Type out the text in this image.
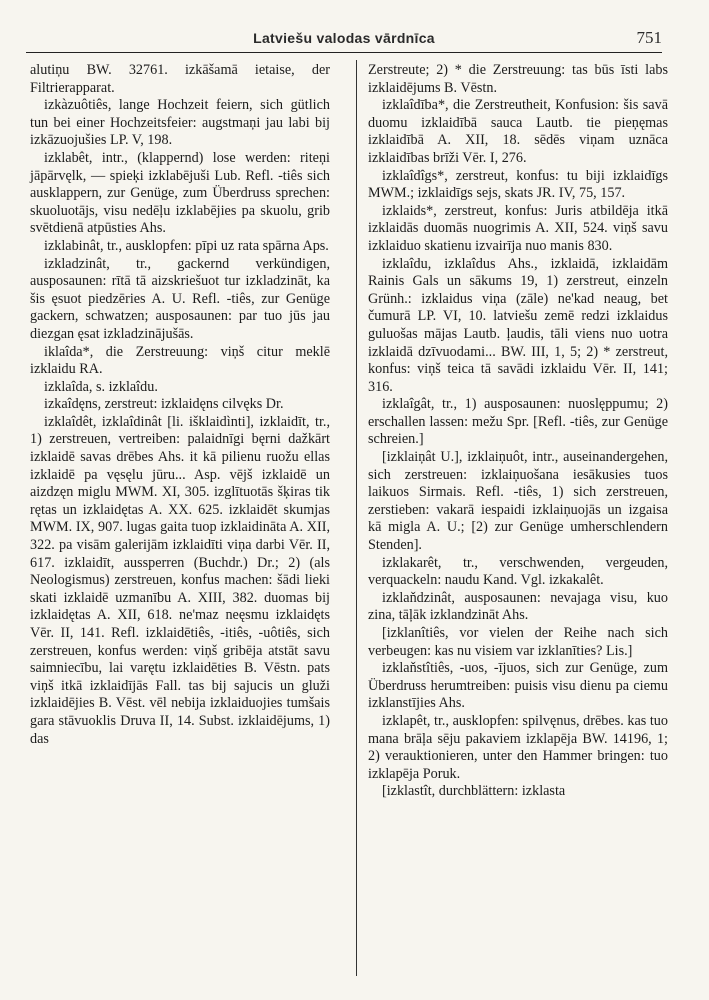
Latviešu valodas vārdnīca	751

alutiņu BW. 32761. izkāšamā ietaise, der Filtrierapparat.

izkàzuôtiês, lange Hochzeit feiern, sich gütlich tun bei einer Hochzeitsfeier: augstmaņi jau labi bij izkāzuojušies LP. V, 198.

izklabêt, intr., (klappernd) lose werden: riteņi jāpārvęlk, — spieķi izklabējuši Lub. Refl. -tiês sich ausklappern, zur Genüge, zum Überdruss sprechen: skuoluotājs, visu nedēļu izklabējies pa skuolu, grib svētdienā atpūsties Ahs.

izklabinât, tr., ausklopfen: pīpi uz rata spārna Aps.

izkladzinât, tr., gackernd verkündigen, ausposaunen: rītā tā aizskriešuot tur izkladzināt, ka šis ęsuot piedzēries A. U. Refl. -tiês, zur Genüge gackern, schwatzen; ausposaunen: par tuo jūs jau diezgan ęsat izkladzinājušās.

iklaîda*, die Zerstreuung: viņš citur meklē izklaidu RA.

izklaîda, s. izklaîdu.

izkaîdęns, zerstreut: izklaidęns cilvęks Dr.

izklaîdêt, izklaîdinât [li. išklaidìnti], izklaidīt, tr., 1) zerstreuen, vertreiben: palaidnīgi bęrni dažkārt izklaidē savas drēbes Ahs. it kā pilienu ruožu ellas izklaidē pa vęsęlu jūru... Asp. vējš izklaidē un aizdzęn miglu MWM. XI, 305. izglītuotās šķiras tik rętas un izklaidętas A. XX. 625. izklaidēt skumjas MWM. IX, 907. lugas gaita tuop izklaidināta A. XII, 322. pa visām galerijām izklaidīti viņa darbi Vēr. II, 617. izklaidīt, aussperren (Buchdr.) Dr.; 2) (als Neologismus) zerstreuen, konfus machen: šādi lieki skati izklaidē uzmanību A. XIII, 382. duomas bij izklaidętas A. XII, 618. ne'maz neęsmu izklaidęts Vēr. II, 141. Refl. izklaidētiês, -itiês, -uôtiês, sich zerstreuen, konfus werden: viņš gribēja atstāt savu saimniecību, lai varętu izklaidēties B. Vēstn. pats viņš itkā izklaidījās Fall. tas bij sajucis un gluži izklaidējies B. Vēst. vēl nebija izklaiduojies tumšais gara stāvuoklis Druva II, 14. Subst. izklaidējums, 1) das

Zerstreute; 2) * die Zerstreuung: tas būs īsti labs izklaidējums B. Vēstn.

izklaîdība*, die Zerstreutheit, Konfusion: šis savā duomu izklaidībā sauca Lautb. tie pieņęmas izklaidībā A. XII, 18. sēdēs viņam uznāca izklaidības brīži Vēr. I, 276.

izklaîdîgs*, zerstreut, konfus: tu biji izklaidīgs MWM.; izklaidīgs sejs, skats JR. IV, 75, 157.

izklaids*, zerstreut, konfus: Juris atbildēja itkā izklaidās duomās nuogrimis A. XII, 524. viņš savu izklaiduo skatienu izvairīja nuo manis 830.

izklaîdu, izklaîdus Ahs., izklaidā, izklaidām Rainis Gals un sākums 19, 1) zerstreut, einzeln Grünh.: izklaidus viņa (zāle) ne'kad neaug, bet čumurā LP. VI, 10. latviešu zemē redzi izklaidus guluošas mājas Lautb. ļaudis, tāli viens nuo uotra izklaidā dzīvuodami... BW. III, 1, 5; 2) * zerstreut, konfus: viņš teica tā savādi izklaidu Vēr. II, 141; 316.

izklaîgât, tr., 1) ausposaunen: nuoslęppumu; 2) erschallen lassen: mežu Spr. [Refl. -tiês, zur Genüge schreien.]

[izklaiņât U.], izklaiņuôt, intr., auseinandergehen, sich zerstreuen: izklaiņuošana iesākusies tuos laikuos Sirmais. Refl. -tiês, 1) sich zerstreuen, zerstieben: vakarā iespaidi izklaiņuojās un izgaisa kā migla A. U.; [2) zur Genüge umherschlendern Stenden].

izklakarêt, tr., verschwenden, vergeuden, verquackeln: naudu Kand. Vgl. izkakalêt.

izklaňdzinât, ausposaunen: nevajaga visu, kuo zina, tāļāk izklandzināt Ahs.

[izklanîtiês, vor vielen der Reihe nach sich verbeugen: kas nu visiem var izklanīties? Lis.]

izklaňstîtiês, -uos, -ījuos, sich zur Genüge, zum Überdruss herumtreiben: puisis visu dienu pa ciemu izklanstījies Ahs.

izklapêt, tr., ausklopfen: spilvęnus, drēbes. kas tuo mana brāļa sēju pakaviem izklapēja BW. 14196, 1; 2) verauktionieren, unter den Hammer bringen: tuo izklapēja Poruk.

[izklastît, durchblättern: izklasta
